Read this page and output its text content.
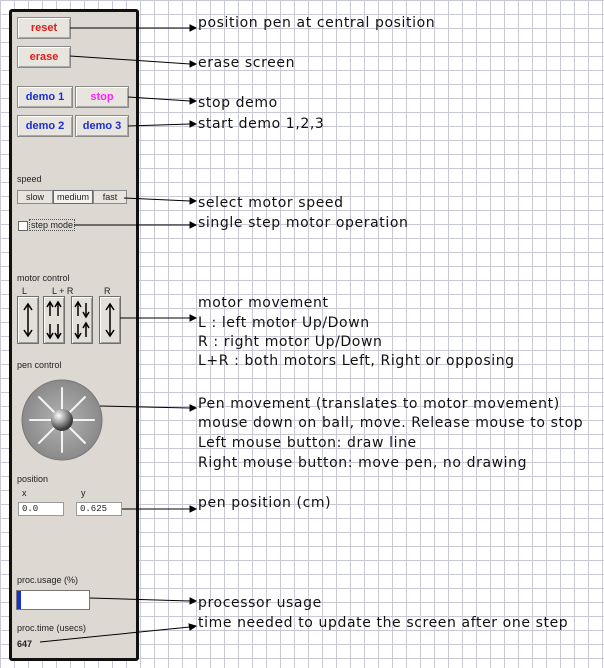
reset
erase
demo 1	stop
demo 2	demo 3
speed
slow	medium	fast
step mode
motor control
L	L + R	R
pen control
position
x	y
0.0	0.625
proc.usage (%)
proc.time (usecs)
647
position pen at central position
erase screen
stop demo
start demo 1,2,3
select motor speed
single step motor operation
motor movement
L : left motor Up/Down
R : right motor Up/Down
L+R : both motors Left, Right or opposing
Pen movement (translates to motor movement)
mouse down on ball, move. Release mouse to stop
Left mouse button: draw line
Right mouse button: move pen, no drawing
pen position (cm)
processor usage
time needed to update the screen after one step
